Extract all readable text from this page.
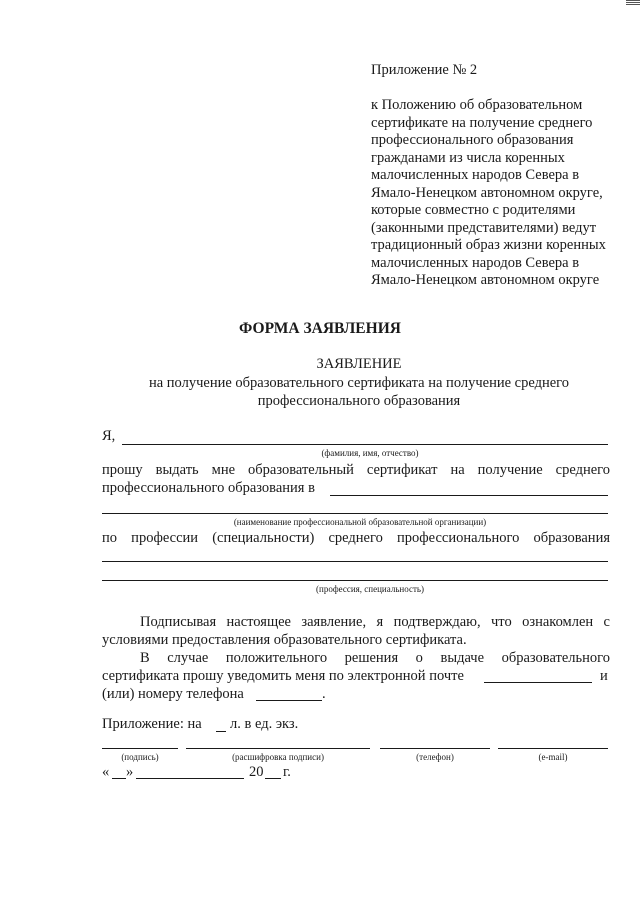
Приложение № 2
к Положению об образовательном
сертификате на получение среднего
профессионального образования
гражданами из числа коренных
малочисленных народов Севера в
Ямало-Ненецком автономном округе,
которые совместно с родителями
(законными представителями) ведут
традиционный образ жизни коренных
малочисленных народов Севера в
Ямало-Ненецком автономном округе
ФОРМА ЗАЯВЛЕНИЯ
ЗАЯВЛЕНИЕ
на получение образовательного сертификата на получение среднего
профессионального образования
Я,
(фамилия, имя, отчество)
прошу выдать мне образовательный сертификат на получение среднего
профессионального образования в
(наименование профессиональной образовательной организации)
по профессии (специальности) среднего профессионального образования
(профессия, специальность)
Подписывая настоящее заявление, я подтверждаю, что ознакомлен с
условиями предоставления образовательного сертификата.
В случае положительного решения о выдаче образовательного
сертификата прошу уведомить меня по электронной почте	и
(или) номеру телефона	.
Приложение: на л. в ед. экз.
(подпись)	(расшифровка подписи)	(телефон)	(e-mail)
« »	20 г.
